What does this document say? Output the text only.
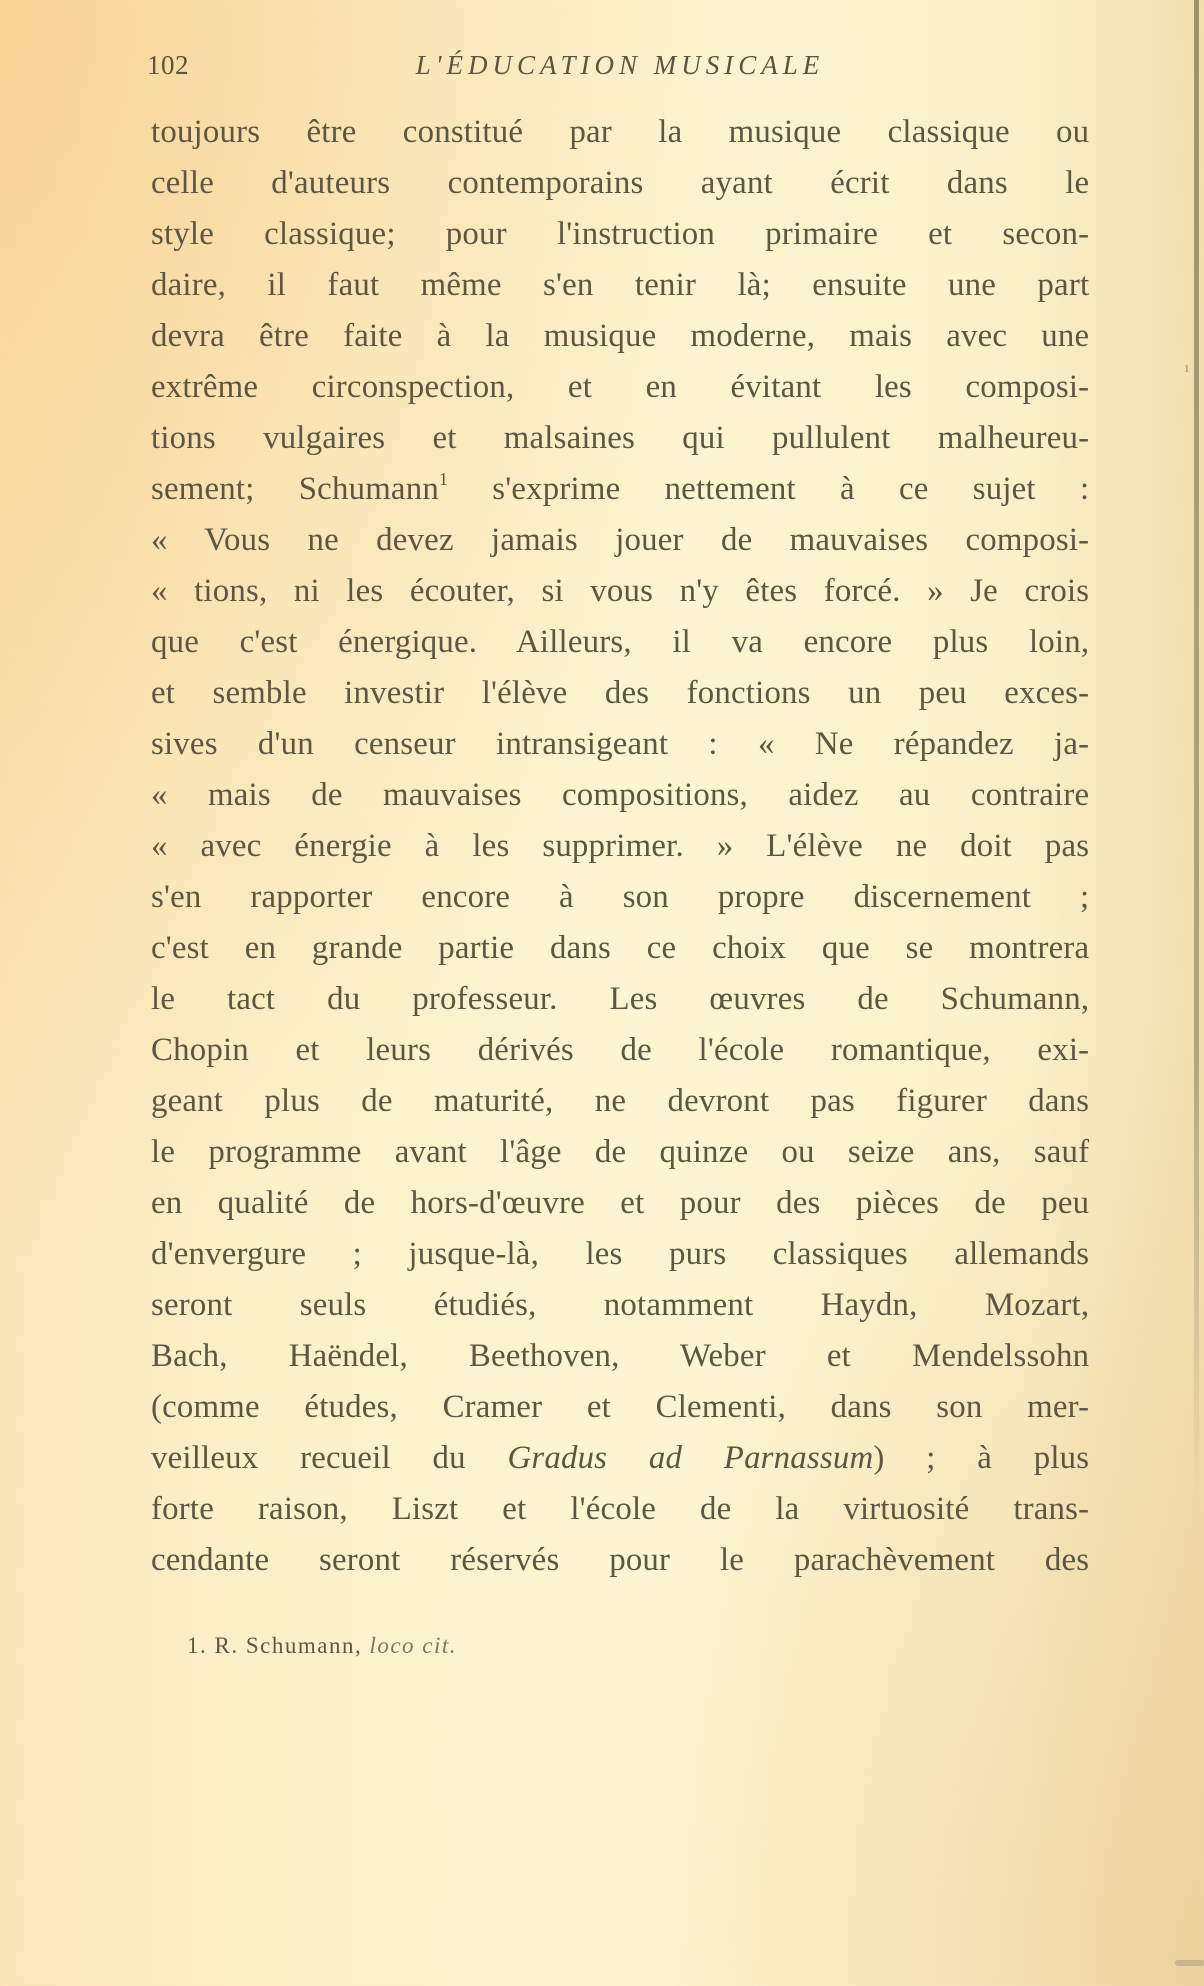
102	L'ÉDUCATION MUSICALE
toujours être constitué par la musique classique ou
celle d'auteurs contemporains ayant écrit dans le
style classique; pour l'instruction primaire et secon-
daire, il faut même s'en tenir là; ensuite une part
devra être faite à la musique moderne, mais avec une
extrême circonspection, et en évitant les composi-
tions vulgaires et malsaines qui pullulent malheureu-
sement; Schumann$^1$ s'exprime nettement à ce sujet :
« Vous ne devez jamais jouer de mauvaises composi-
« tions, ni les écouter, si vous n'y êtes forcé. » Je crois
que c'est énergique. Ailleurs, il va encore plus loin,
et semble investir l'élève des fonctions un peu exces-
sives d'un censeur intransigeant : « Ne répandez ja-
« mais de mauvaises compositions, aidez au contraire
« avec énergie à les supprimer. » L'élève ne doit pas
s'en rapporter encore à son propre discernement ;
c'est en grande partie dans ce choix que se montrera
le tact du professeur. Les œuvres de Schumann,
Chopin et leurs dérivés de l'école romantique, exi-
geant plus de maturité, ne devront pas figurer dans
le programme avant l'âge de quinze ou seize ans, sauf
en qualité de hors-d'œuvre et pour des pièces de peu
d'envergure ; jusque-là, les purs classiques allemands
seront seuls étudiés, notamment Haydn, Mozart,
Bach, Haëndel, Beethoven, Weber et Mendelssohn
(comme études, Cramer et Clementi, dans son mer-
veilleux recueil du Gradus ad Parnassum) ; à plus
forte raison, Liszt et l'école de la virtuosité trans-
cendante seront réservés pour le parachèvement des
1. R. Schumann, loco cit.
1
